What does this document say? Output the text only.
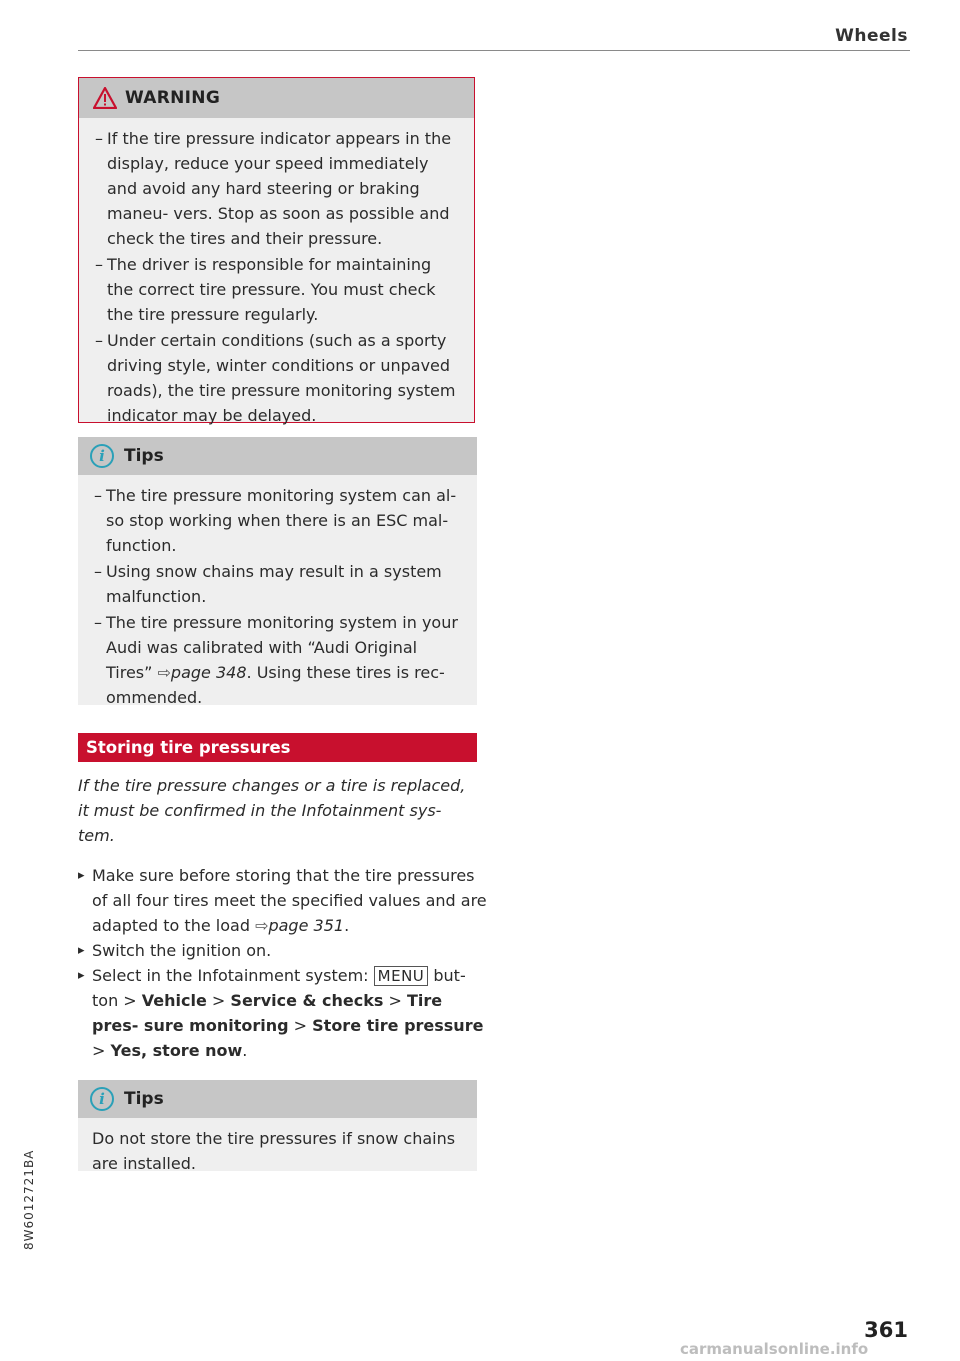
Wheels
WARNING
– If the tire pressure indicator appears in the display, reduce your speed immediately and avoid any hard steering or braking maneu- vers. Stop as soon as possible and check the tires and their pressure.
– The driver is responsible for maintaining the correct tire pressure. You must check the tire pressure regularly.
– Under certain conditions (such as a sporty driving style, winter conditions or unpaved roads), the tire pressure monitoring system indicator may be delayed.
i	Tips
– The tire pressure monitoring system can al- so stop working when there is an ESC mal- function.
– Using snow chains may result in a system malfunction.
– The tire pressure monitoring system in your Audi was calibrated with “Audi Original Tires” ⇨page 348. Using these tires is rec- ommended.
Storing tire pressures
If the tire pressure changes or a tire is replaced, it must be confirmed in the Infotainment sys- tem.
▸ Make sure before storing that the tire pressures of all four tires meet the specified values and are adapted to the load ⇨page 351.
▸ Switch the ignition on.
▸ Select in the Infotainment system: MENU but- ton > Vehicle > Service & checks > Tire pres- sure monitoring > Store tire pressure > Yes, store now.
i	Tips

Do not store the tire pressures if snow chains are installed.

8W6012721BA
361
carmanualsonline.info
